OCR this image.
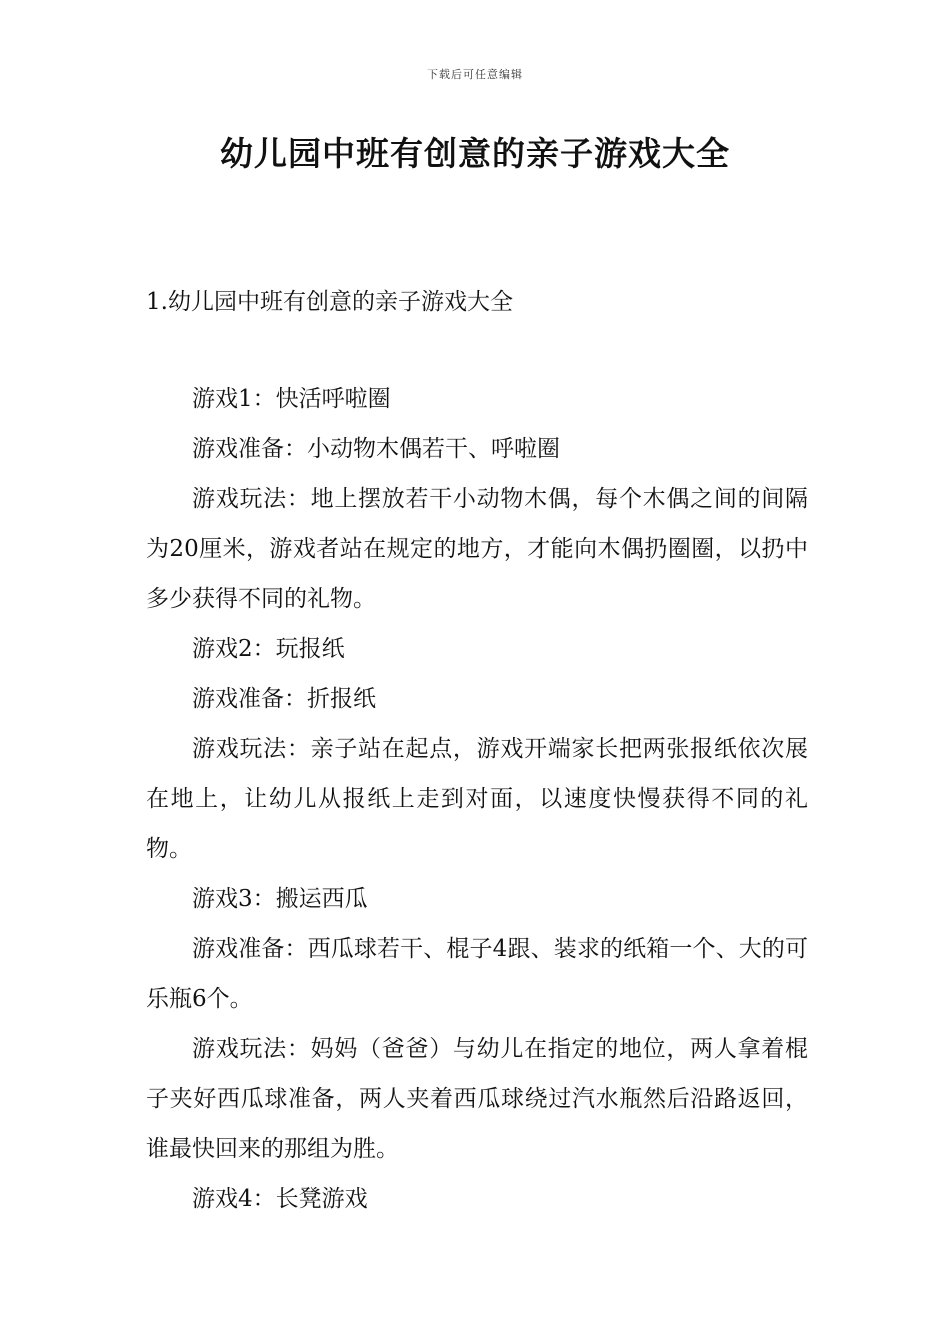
下载后可任意编辑
幼儿园中班有创意的亲子游戏大全
1.幼儿园中班有创意的亲子游戏大全

游戏1：快活呼啦圈

游戏准备：小动物木偶若干、呼啦圈

游戏玩法：地上摆放若干小动物木偶，每个木偶之间的间隔为20厘米，游戏者站在规定的地方，才能向木偶扔圈圈，以扔中多少获得不同的礼物。

游戏2：玩报纸

游戏准备：折报纸

游戏玩法：亲子站在起点，游戏开端家长把两张报纸依次展在地上，让幼儿从报纸上走到对面，以速度快慢获得不同的礼物。

游戏3：搬运西瓜

游戏准备：西瓜球若干、棍子4跟、装求的纸箱一个、大的可乐瓶6个。

游戏玩法：妈妈（爸爸）与幼儿在指定的地位，两人拿着棍子夹好西瓜球准备，两人夹着西瓜球绕过汽水瓶然后沿路返回，谁最快回来的那组为胜。

游戏4：长凳游戏
